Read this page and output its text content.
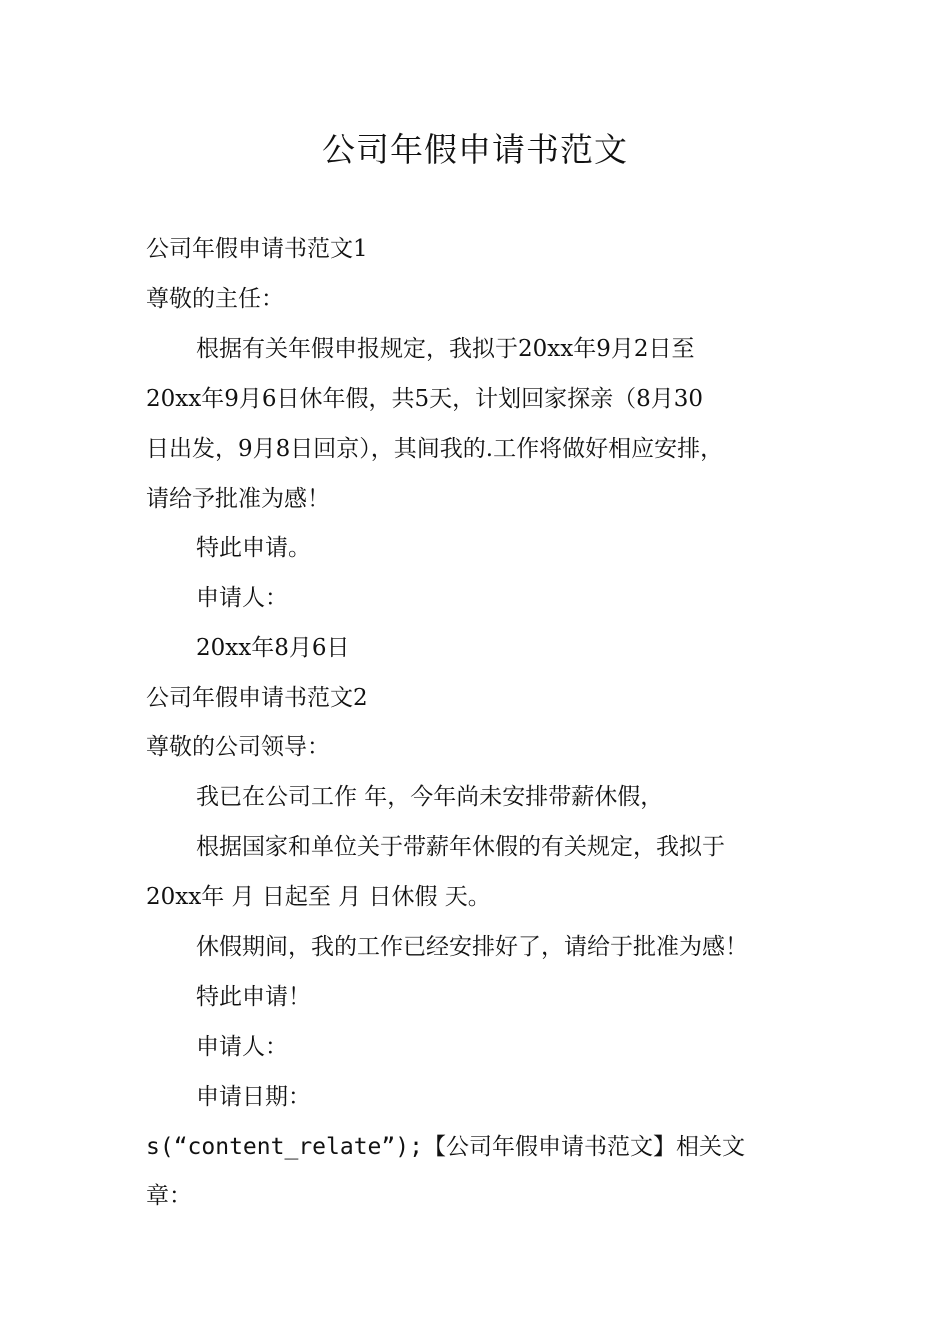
公司年假申请书范文
公司年假申请书范文1
尊敬的主任：
根据有关年假申报规定，我拟于20xx年9月2日至
20xx年9月6日休年假，共5天，计划回家探亲（8月30
日出发，9月8日回京），其间我的.工作将做好相应安排，
请给予批准为感！
特此申请。
申请人：
20xx年8月6日
公司年假申请书范文2
尊敬的公司领导：
我已在公司工作 年，今年尚未安排带薪休假，
根据国家和单位关于带薪年休假的有关规定，我拟于
20xx年 月 日起至 月 日休假 天。
休假期间，我的工作已经安排好了，请给于批准为感！
特此申请！
申请人：
申请日期：
s(“content_relate”);【公司年假申请书范文】相关文
章：
